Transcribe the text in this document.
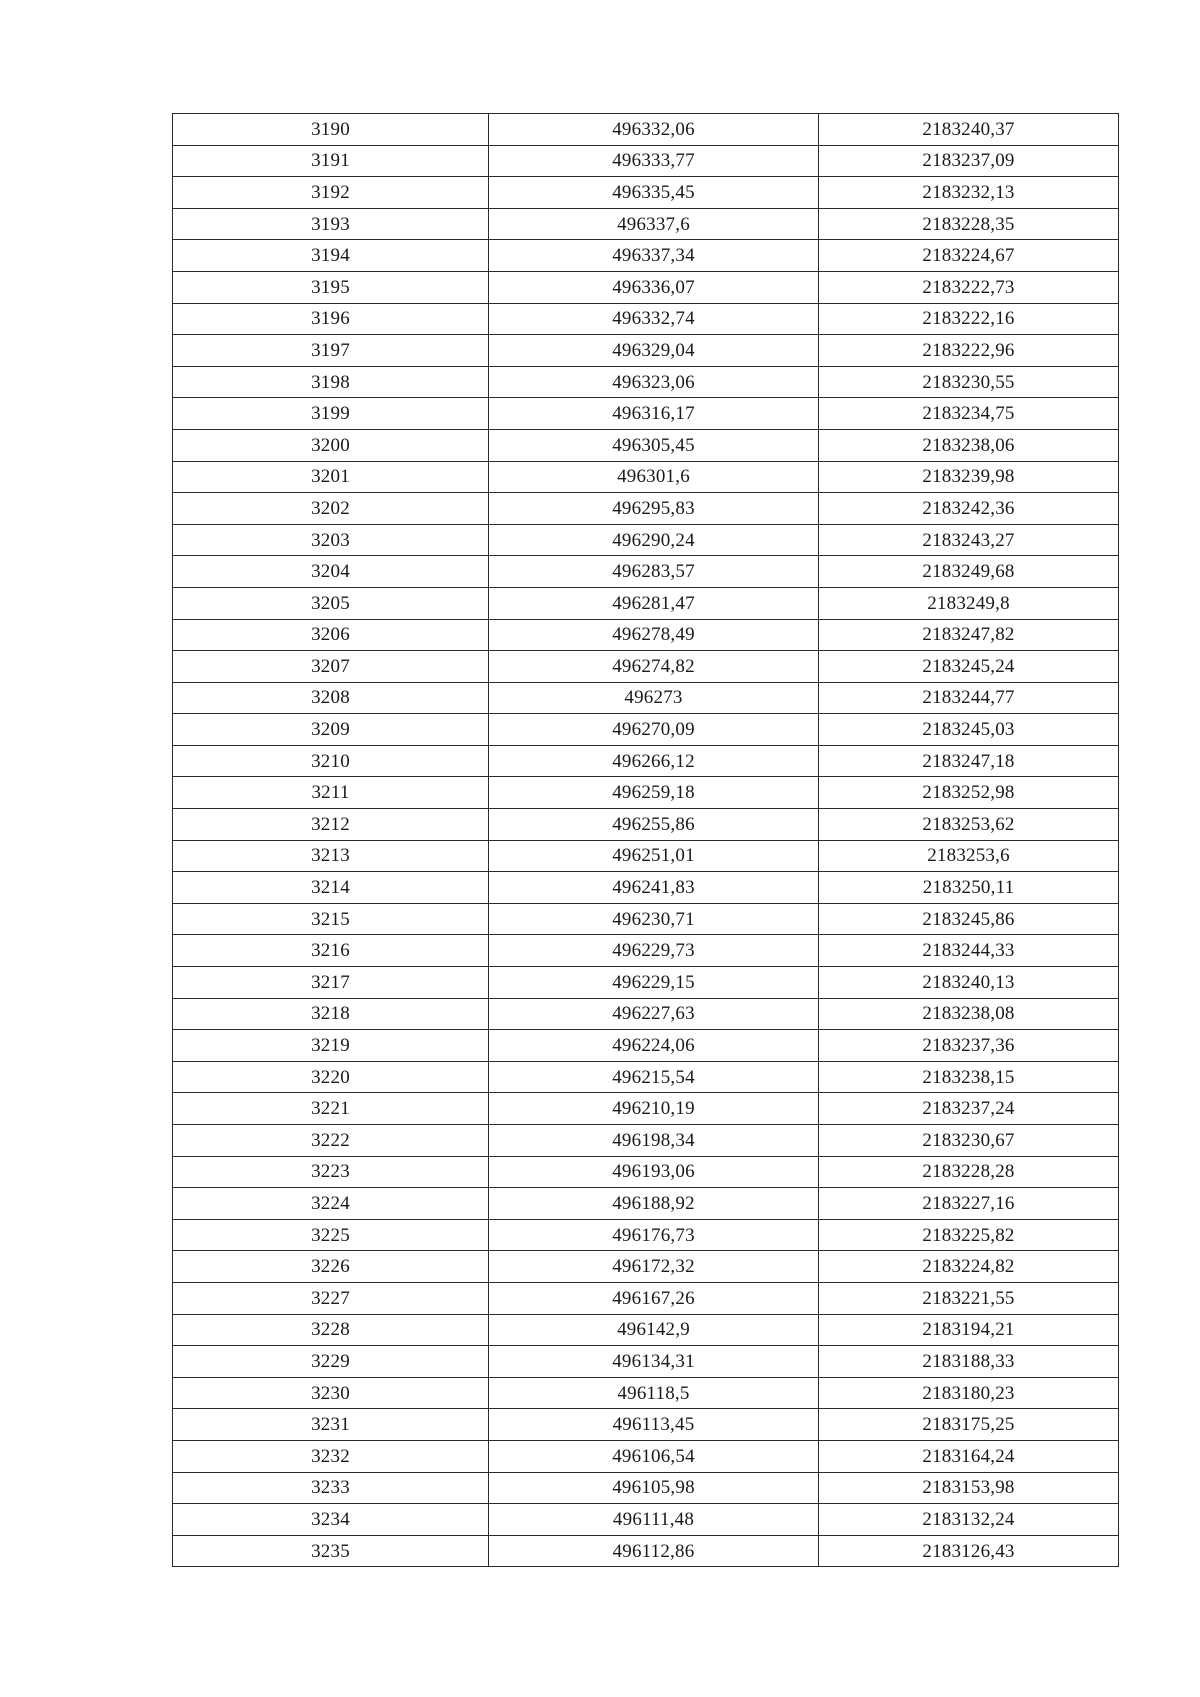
3190	496332,06	2183240,37
3191	496333,77	2183237,09
3192	496335,45	2183232,13
3193	496337,6	2183228,35
3194	496337,34	2183224,67
3195	496336,07	2183222,73
3196	496332,74	2183222,16
3197	496329,04	2183222,96
3198	496323,06	2183230,55
3199	496316,17	2183234,75
3200	496305,45	2183238,06
3201	496301,6	2183239,98
3202	496295,83	2183242,36
3203	496290,24	2183243,27
3204	496283,57	2183249,68
3205	496281,47	2183249,8
3206	496278,49	2183247,82
3207	496274,82	2183245,24
3208	496273	2183244,77
3209	496270,09	2183245,03
3210	496266,12	2183247,18
3211	496259,18	2183252,98
3212	496255,86	2183253,62
3213	496251,01	2183253,6
3214	496241,83	2183250,11
3215	496230,71	2183245,86
3216	496229,73	2183244,33
3217	496229,15	2183240,13
3218	496227,63	2183238,08
3219	496224,06	2183237,36
3220	496215,54	2183238,15
3221	496210,19	2183237,24
3222	496198,34	2183230,67
3223	496193,06	2183228,28
3224	496188,92	2183227,16
3225	496176,73	2183225,82
3226	496172,32	2183224,82
3227	496167,26	2183221,55
3228	496142,9	2183194,21
3229	496134,31	2183188,33
3230	496118,5	2183180,23
3231	496113,45	2183175,25
3232	496106,54	2183164,24
3233	496105,98	2183153,98
3234	496111,48	2183132,24
3235	496112,86	2183126,43
